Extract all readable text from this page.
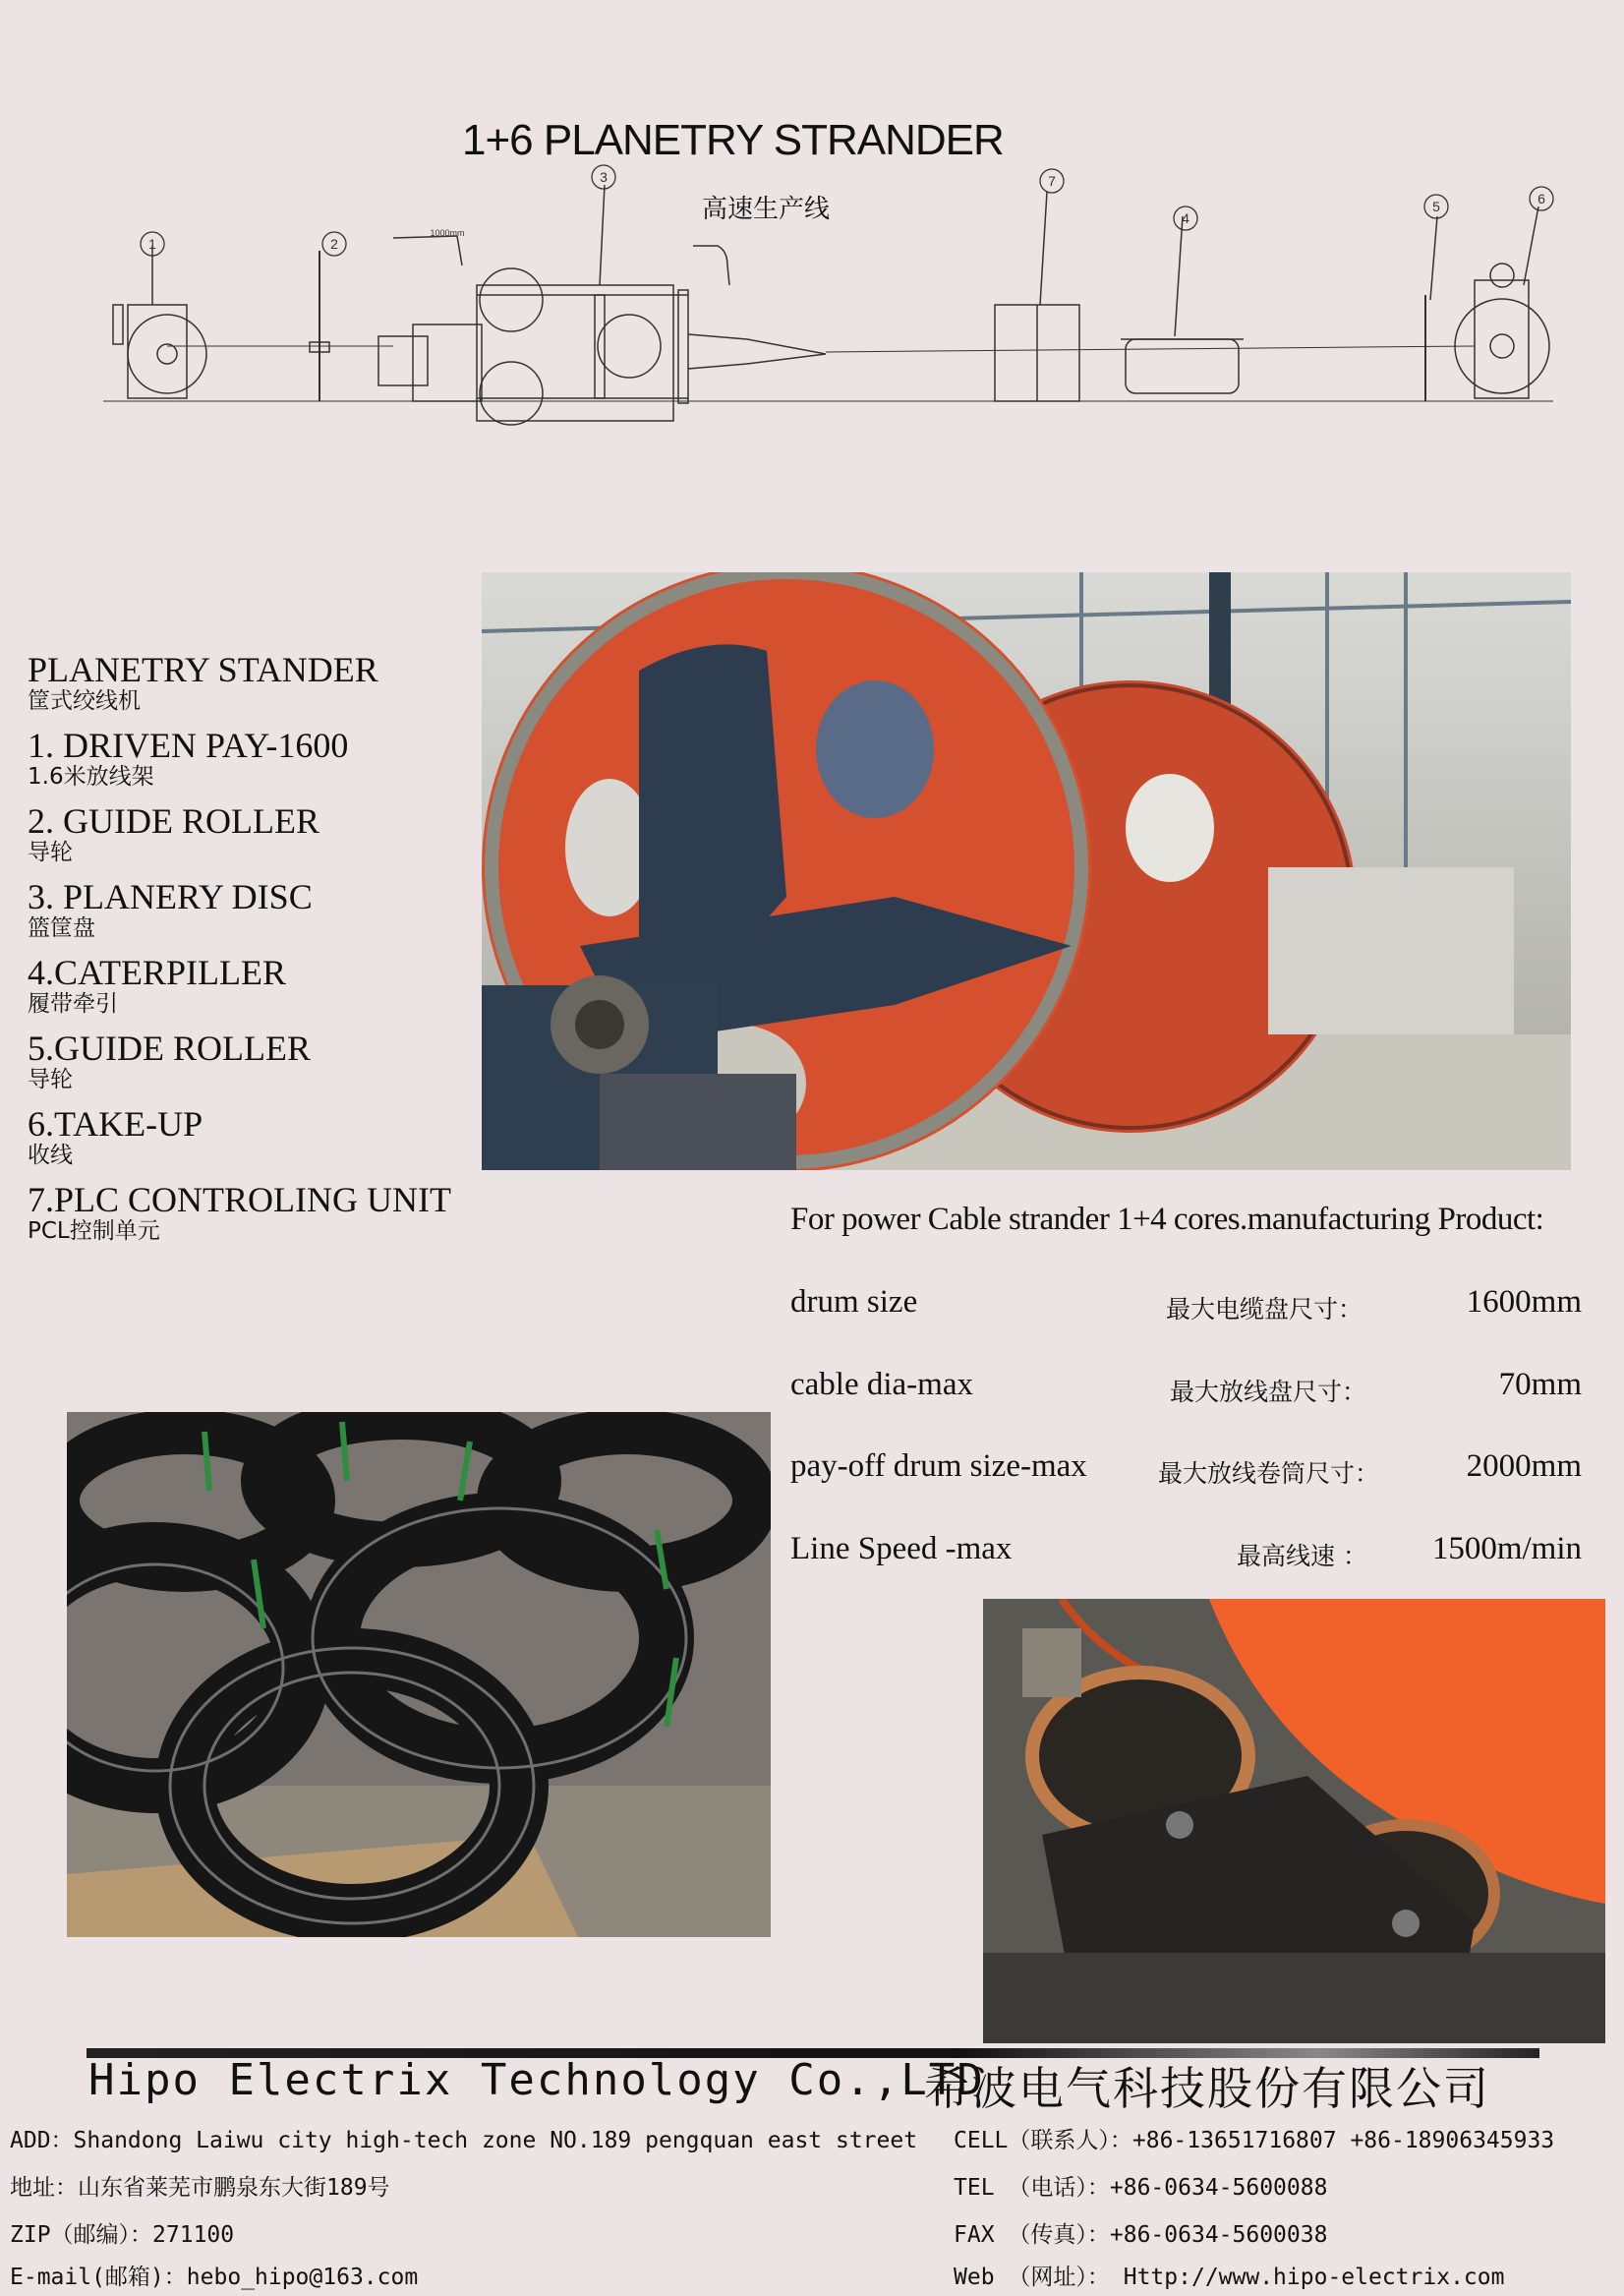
1+6 PLANETRY STRANDER
高速生产线
1	2
3
4
5	6
7
1000mm
PLANETRY STANDER
筐式绞线机
1. DRIVEN PAY-1600
1.6米放线架
2. GUIDE ROLLER
导轮
3. PLANERY DISC
篮筐盘
4.CATERPILLER
履带牵引
5.GUIDE ROLLER
导轮
6.TAKE-UP
收线
7.PLC CONTROLING UNIT
PCL控制单元	For power Cable strander 1+4 cores.manufacturing Product:
drum size	最大电缆盘尺寸：	1600mm
cable dia-max	最大放线盘尺寸：	70mm
pay-off drum size-max	最大放线卷筒尺寸：	2000mm
Line Speed -max	最高线速 ： 1500m/min
Hipo Electrix Technology Co.,LTD
希波电气科技股份有限公司
ADD：Shandong Laiwu city high-tech zone NO.189 pengquan east street
地址：山东省莱芜市鹏泉东大街189号
ZIP（邮编）：271100
E-mail(邮箱)：hebo_hipo@163.com
CELL（联系人）：+86-13651716807 +86-18906345933
TEL （电话）：+86-0634-5600088
FAX （传真）：+86-0634-5600038
Web （网址）： Http://www.hipo-electrix.com
